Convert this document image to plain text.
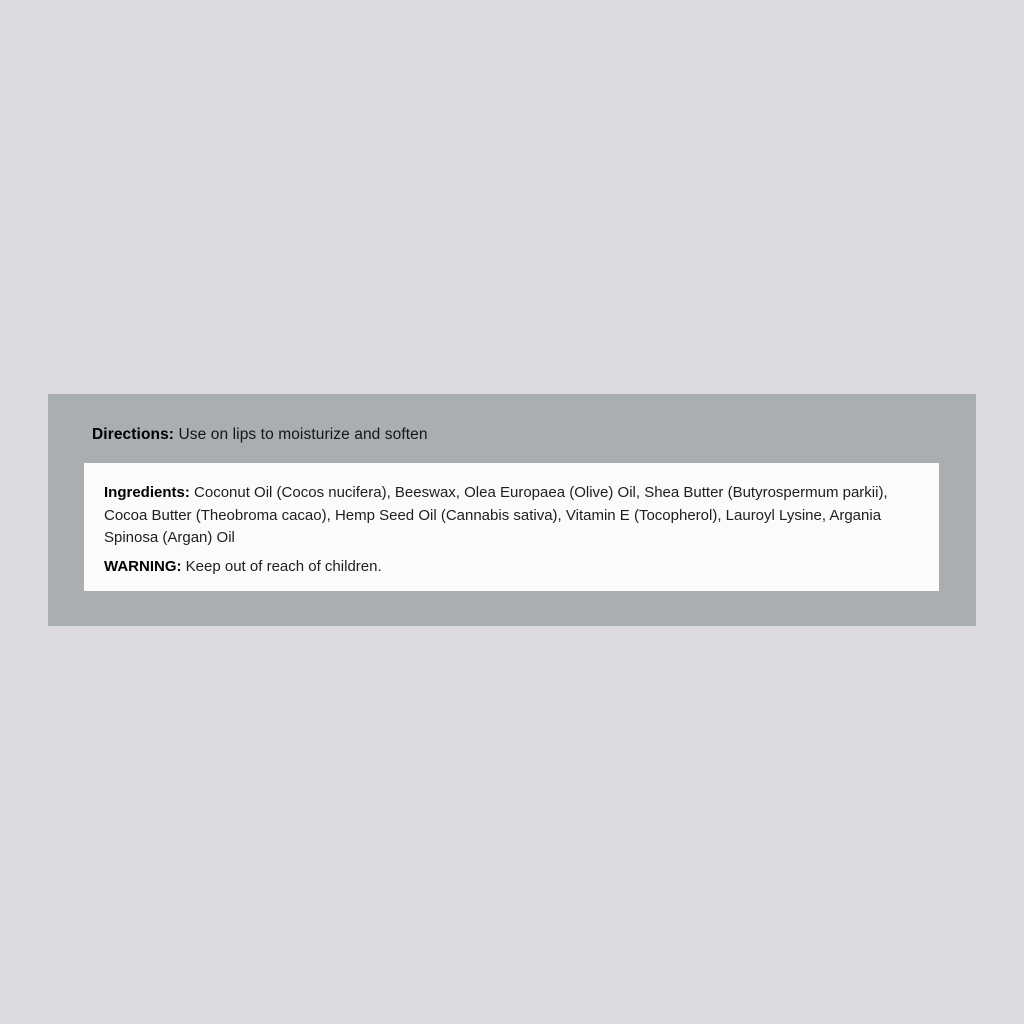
Directions: Use on lips to moisturize and soften
Ingredients: Coconut Oil (Cocos nucifera), Beeswax, Olea Europaea (Olive) Oil, Shea Butter (Butyrospermum parkii), Cocoa Butter (Theobroma cacao), Hemp Seed Oil (Cannabis sativa), Vitamin E (Tocopherol), Lauroyl Lysine, Argania Spinosa (Argan) Oil
WARNING: Keep out of reach of children.
